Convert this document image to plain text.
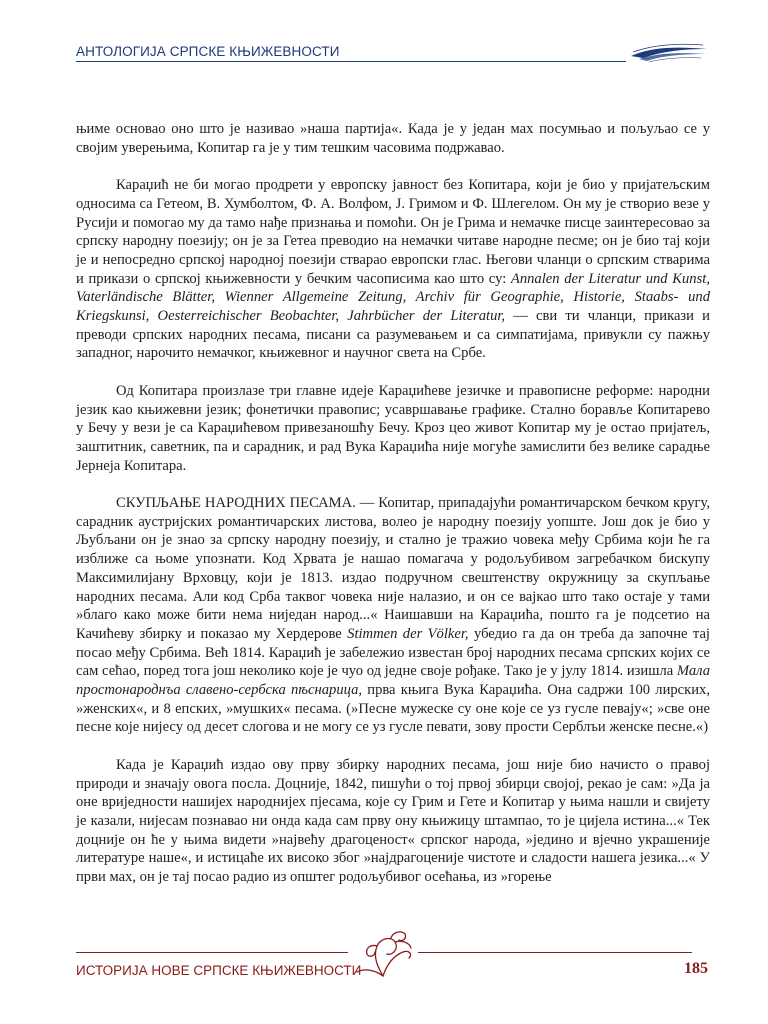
АНТОЛОГИЈА СРПСКЕ КЊИЖЕВНОСТИ

њиме основао оно што је називао »наша партија«. Када је у један мах посумњао и пољуљао се у својим уверењима, Копитар га је у тим тешким часовима подржавао.

Караџић не би могао продрети у европску јавност без Копитара, који је био у пријатељским односима са Гетеом, В. Хумболтом, Ф. А. Волфом, Ј. Гримом и Ф. Шлегелом. Он му је створио везе у Русији и помогао му да тамо нађе признања и помоћи. Он је Грима и немачке писце заинтересовао за српску народну поезију; он је за Гетеа преводио на немачки читаве народне песме; он је био тај који је и непосредно српској народној поезији стварао европски глас. Његови чланци о српским стварима и прикази о српској књижевности у бечким часописима као што су: Annalen der Literatur und Kunst, Vaterländische Blätter, Wienner Allgemeine Zeitung, Archiv für Geographie, Historie, Staabs- und Kriegskunsi, Oesterreichischer Beobachter, Jahrbücher der Literatur, — сви ти чланци, прикази и преводи српских народних песама, писани са разумевањем и са симпатијама, привукли су пажњу западног, нарочито немачког, књижевног и научног света на Србе.

Од Копитара произлазе три главне идеје Караџићеве језичке и правописне реформе: народни језик као књижевни језик; фонетички правопис; усавршавање графике. Стално боравље Копитарево у Бечу у вези је са Караџићевом привезаношћу Бечу. Кроз цео живот Копитар му је остао пријатељ, заштитник, саветник, па и сарадник, и рад Вука Караџића није могуће замислити без велике сарадње Јернеја Копитара.

СКУПЉАЊЕ НАРОДНИХ ПЕСАМА. — Копитар, припадајући романтичарском бечком кругу, сарадник аустријских романтичарских листова, волео је народну поезију уопште. Још док је био у Љубљани он је знао за српску народну поезију, и стално је тражио човека међу Србима који ће га изближе са њоме упознати. Код Хрвата је нашао помагача у родољубивом загребачком бискупу Максимилијану Врховцу, који је 1813. издао подручном свештенству окружницу за скупљање народних песама. Али код Срба таквог човека није налазио, и он се вајкао што тако остаје у тами »благо како може бити нема ниједан народ...« Наишавши на Караџића, пошто га је подсетио на Качићеву збирку и показао му Хердерове Stimmen der Völker, убедио га да он треба да започне тај посао међу Србима. Већ 1814. Караџић је забележио известан број народних песама српских којих се сам сећао, поред тога још неколико које је чуо од једне своје рођаке. Тако је у јулу 1814. изишла Мала простонароднъа славено-сербска пѣснарица, прва књига Вука Караџића. Она садржи 100 лирских, »женских«, и 8 епских, »мушких« песама. (»Песне мужеске су оне које се уз гусле певају«; »све оне песне које нијесу од десет слогова и не могу се уз гусле певати, зову прости Серблъи женске песне.«)

Када је Караџић издао ову прву збирку народних песама, још није био начисто о правој природи и значају овога посла. Доцније, 1842, пишући о тој првој збирци својој, рекао је сам: »Да ја оне вриједности нашијех народнијех пјесама, које су Грим и Гете и Копитар у њима нашли и свијету је казали, нијесам познавао ни онда када сам прву ону књижицу штампао, то је цијела истина...« Тек доцније он ће у њима видети »највећу драгоценост« српског народа, »једино и вјечно украшеније литературе наше«, и истицаће их високо због »најдрагоценије чистоте и сладости нашега језика...« У први мах, он је тај посао радио из општег родољубивог осећања, из »горење

ИСТОРИЈА НОВЕ СРПСКЕ КЊИЖЕВНОСТИ	185
